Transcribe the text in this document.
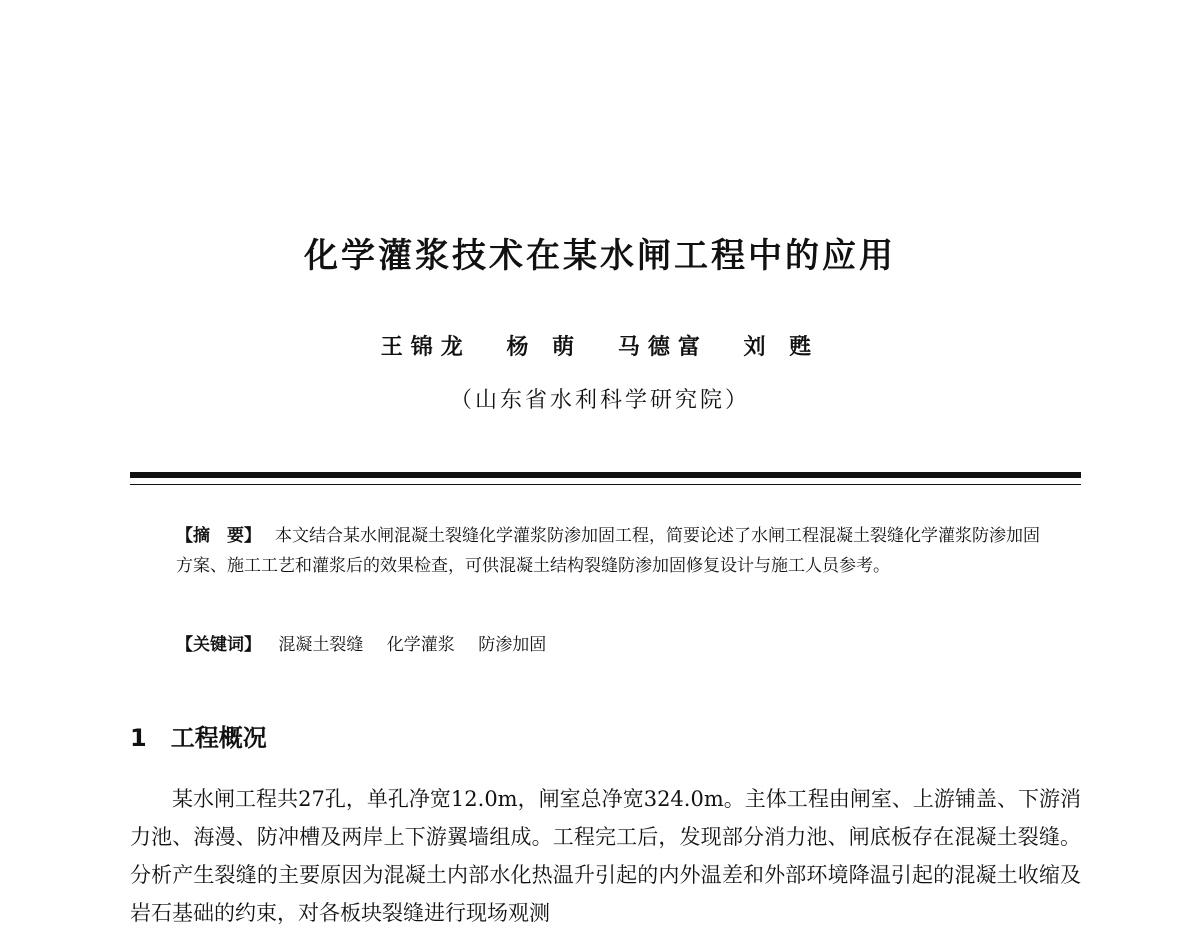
化学灌浆技术在某水闸工程中的应用
王锦龙 杨 萌 马德富 刘 甦
（山东省水利科学研究院）

【摘　要】 本文结合某水闸混凝土裂缝化学灌浆防渗加固工程，简要论述了水闸工程混凝土裂缝化学灌浆防渗加固方案、施工工艺和灌浆后的效果检查，可供混凝土结构裂缝防渗加固修复设计与施工人员参考。

【关键词】 混凝土裂缝 化学灌浆 防渗加固
1 工程概况

某水闸工程共27孔，单孔净宽12.0m，闸室总净宽324.0m。主体工程由闸室、上游铺盖、下游消力池、海漫、防冲槽及两岸上下游翼墙组成。工程完工后，发现部分消力池、闸底板存在混凝土裂缝。分析产生裂缝的主要原因为混凝土内部水化热温升引起的内外温差和外部环境降温引起的混凝土收缩及岩石基础的约束，对各板块裂缝进行现场观测
